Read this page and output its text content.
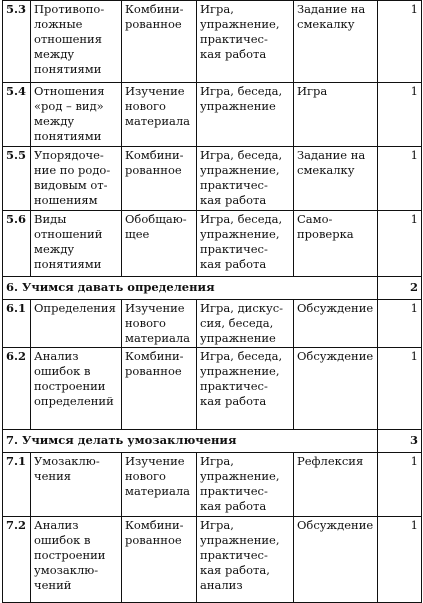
5.3	Противопо-
ложные
отношения
между
понятиями	Комбини-
рованное	Игра,
упражнение,
практичес-
кая работа	Задание на
смекалку	1
5.4	Отношения
«род – вид»
между
понятиями	Изучение
нового
материала	Игра, беседа,
упражнение	Игра	1
5.5	Упорядоче-
ние по родо-
видовым от-
ношениям	Комбини-
рованное	Игра, беседа,
упражнение,
практичес-
кая работа	Задание на
смекалку	1
5.6	Виды
отношений
между
понятиями	Обобщаю-
щее	Игра, беседа,
упражнение,
практичес-
кая работа	Само-
проверка	1
6. Учимся давать определения					2
6.1	Определения	Изучение
нового
материала	Игра, дискус-
сия, беседа,
упражнение	Обсуждение	1
6.2	Анализ
ошибок в
построении
определений	Комбини-
рованное	Игра, беседа,
упражнение,
практичес-
кая работа	Обсуждение	1
7. Учимся делать умозаключения					3
7.1	Умозаклю-
чения	Изучение
нового
материала	Игра,
упражнение,
практичес-
кая работа	Рефлексия	1
7.2	Анализ
ошибок в
построении
умозаклю-
чений	Комбини-
рованное	Игра,
упражнение,
практичес-
кая работа,
анализ	Обсуждение	1
